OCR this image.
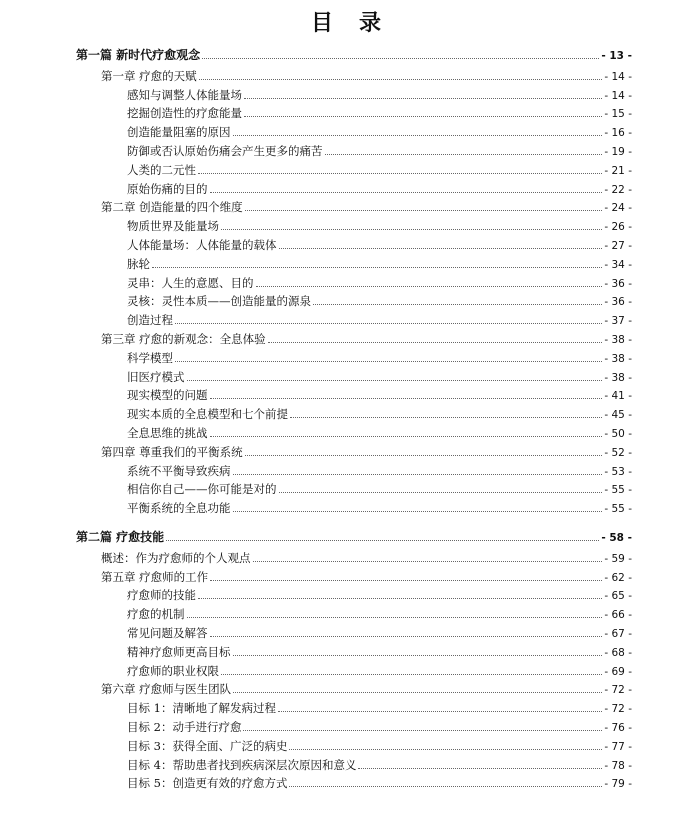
目 录
第一篇 新时代疗愈观念	- 13 -
第一章 疗愈的天赋	- 14 -
感知与调整人体能量场	- 14 -
挖掘创造性的疗愈能量	- 15 -
创造能量阻塞的原因	- 16 -
防御或否认原始伤痛会产生更多的痛苦	- 19 -
人类的二元性	- 21 -
原始伤痛的目的	- 22 -
第二章 创造能量的四个维度	- 24 -
物质世界及能量场	- 26 -
人体能量场：人体能量的载体	- 27 -
脉轮	- 34 -
灵串：人生的意愿、目的	- 36 -
灵核：灵性本质——创造能量的源泉	- 36 -
创造过程	- 37 -
第三章 疗愈的新观念：全息体验	- 38 -
科学模型	- 38 -
旧医疗模式	- 38 -
现实模型的问题	- 41 -
现实本质的全息模型和七个前提	- 45 -
全息思维的挑战	- 50 -
第四章 尊重我们的平衡系统	- 52 -
系统不平衡导致疾病	- 53 -
相信你自己——你可能是对的	- 55 -
平衡系统的全息功能	- 55 -
第二篇 疗愈技能	- 58 -
概述：作为疗愈师的个人观点	- 59 -
第五章 疗愈师的工作	- 62 -
疗愈师的技能	- 65 -
疗愈的机制	- 66 -
常见问题及解答	- 67 -
精神疗愈师更高目标	- 68 -
疗愈师的职业权限	- 69 -
第六章 疗愈师与医生团队	- 72 -
目标 1：清晰地了解发病过程	- 72 -
目标 2：动手进行疗愈	- 76 -
目标 3：获得全面、广泛的病史	- 77 -
目标 4：帮助患者找到疾病深层次原因和意义	- 78 -
目标 5：创造更有效的疗愈方式	- 79 -
